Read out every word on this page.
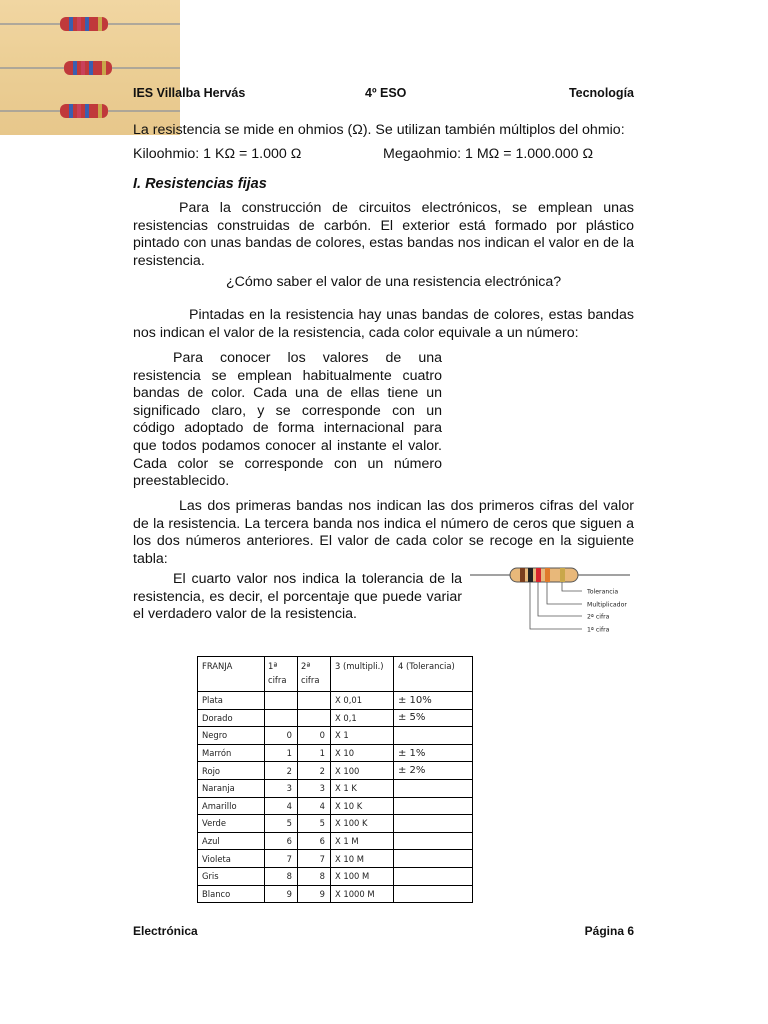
IES Villalba Hervás	4º ESO	Tecnología
La resistencia se mide en ohmios (Ω). Se utilizan también múltiplos del ohmio:
Kiloohmio: 1 KΩ = 1.000 Ω	Megaohmio: 1 MΩ = 1.000.000 Ω
I. Resistencias fijas
Para la construcción de circuitos electrónicos, se emplean unas resistencias construidas de carbón. El exterior está formado por plástico pintado con unas bandas de colores, estas bandas nos indican el valor en de la resistencia.
¿Cómo saber el valor de una resistencia electrónica?
Pintadas en la resistencia hay unas bandas de colores, estas bandas nos indican el valor de la resistencia, cada color equivale a un número:
Para conocer los valores de una resistencia se emplean habitualmente cuatro bandas de color. Cada una de ellas tiene un significado claro, y se corresponde con un código adoptado de forma internacional para que todos podamos conocer al instante el valor. Cada color se corresponde con un número preestablecido.
Las dos primeras bandas nos indican las dos primeros cifras del valor de la resistencia. La tercera banda nos indica el número de ceros que siguen a los dos números anteriores. El valor de cada color se recoge en la siguiente tabla:
El cuarto valor nos indica la tolerancia de la resistencia, es decir, el porcentaje que puede variar el verdadero valor de la resistencia.
Tolerancia
Multiplicador
2ª cifra
1ª cifra
FRANJA	1ª cifra	2ª cifra	3 (multipli.)	4 (Tolerancia)
Plata			X 0,01	± 10%
Dorado			X 0,1	± 5%
Negro	0	0	X 1	
Marrón	1	1	X 10	± 1%
Rojo	2	2	X 100	± 2%
Naranja	3	3	X 1 K	
Amarillo	4	4	X 10 K	
Verde	5	5	X 100 K	
Azul	6	6	X 1 M	
Violeta	7	7	X 10 M	
Gris	8	8	X 100 M	
Blanco	9	9	X 1000 M	
Electrónica	Página 6
